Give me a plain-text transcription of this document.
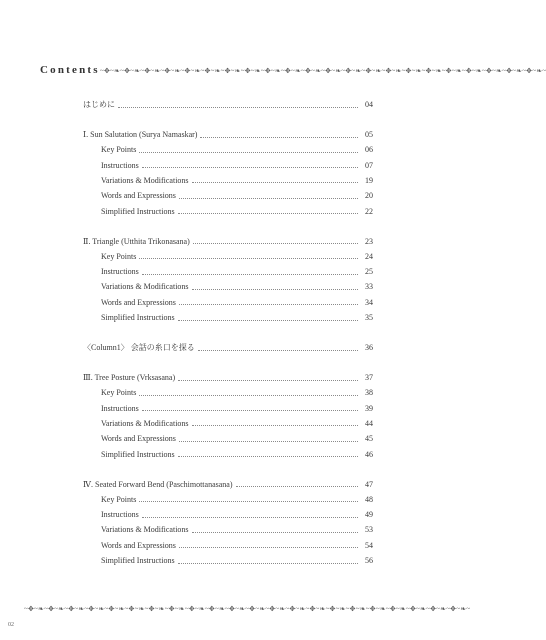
Contents ~✥~❧~✥~❧~✥~❧~✥~❧~✥~❧~✥~❧~✥~❧~✥~❧~✥~❧~✥~❧~✥~❧~✥~❧~✥~❧~✥~❧~✥~❧~✥~❧~✥~❧~✥~❧~✥~❧~✥~❧~✥~❧~✥~❧~
はじめに	04
Ⅰ. Sun Salutation (Surya Namaskar)	05
Key Points	06
Instructions	07
Variations & Modifications	19
Words and Expressions	20
Simplified Instructions	22
Ⅱ. Triangle (Utthita Trikonasana)	23
Key Points	24
Instructions	25
Variations & Modifications	33
Words and Expressions	34
Simplified Instructions	35
〈Column1〉 会話の糸口を探る	36
Ⅲ. Tree Posture (Vrksasana)	37
Key Points	38
Instructions	39
Variations & Modifications	44
Words and Expressions	45
Simplified Instructions	46
Ⅳ. Seated Forward Bend (Paschimottanasana)	47
Key Points	48
Instructions	49
Variations & Modifications	53
Words and Expressions	54
Simplified Instructions	56
~✥~❧~✥~❧~✥~❧~✥~❧~✥~❧~✥~❧~✥~❧~✥~❧~✥~❧~✥~❧~✥~❧~✥~❧~✥~❧~✥~❧~✥~❧~✥~❧~✥~❧~✥~❧~✥~❧~✥~❧~✥~❧~✥~❧~
02
